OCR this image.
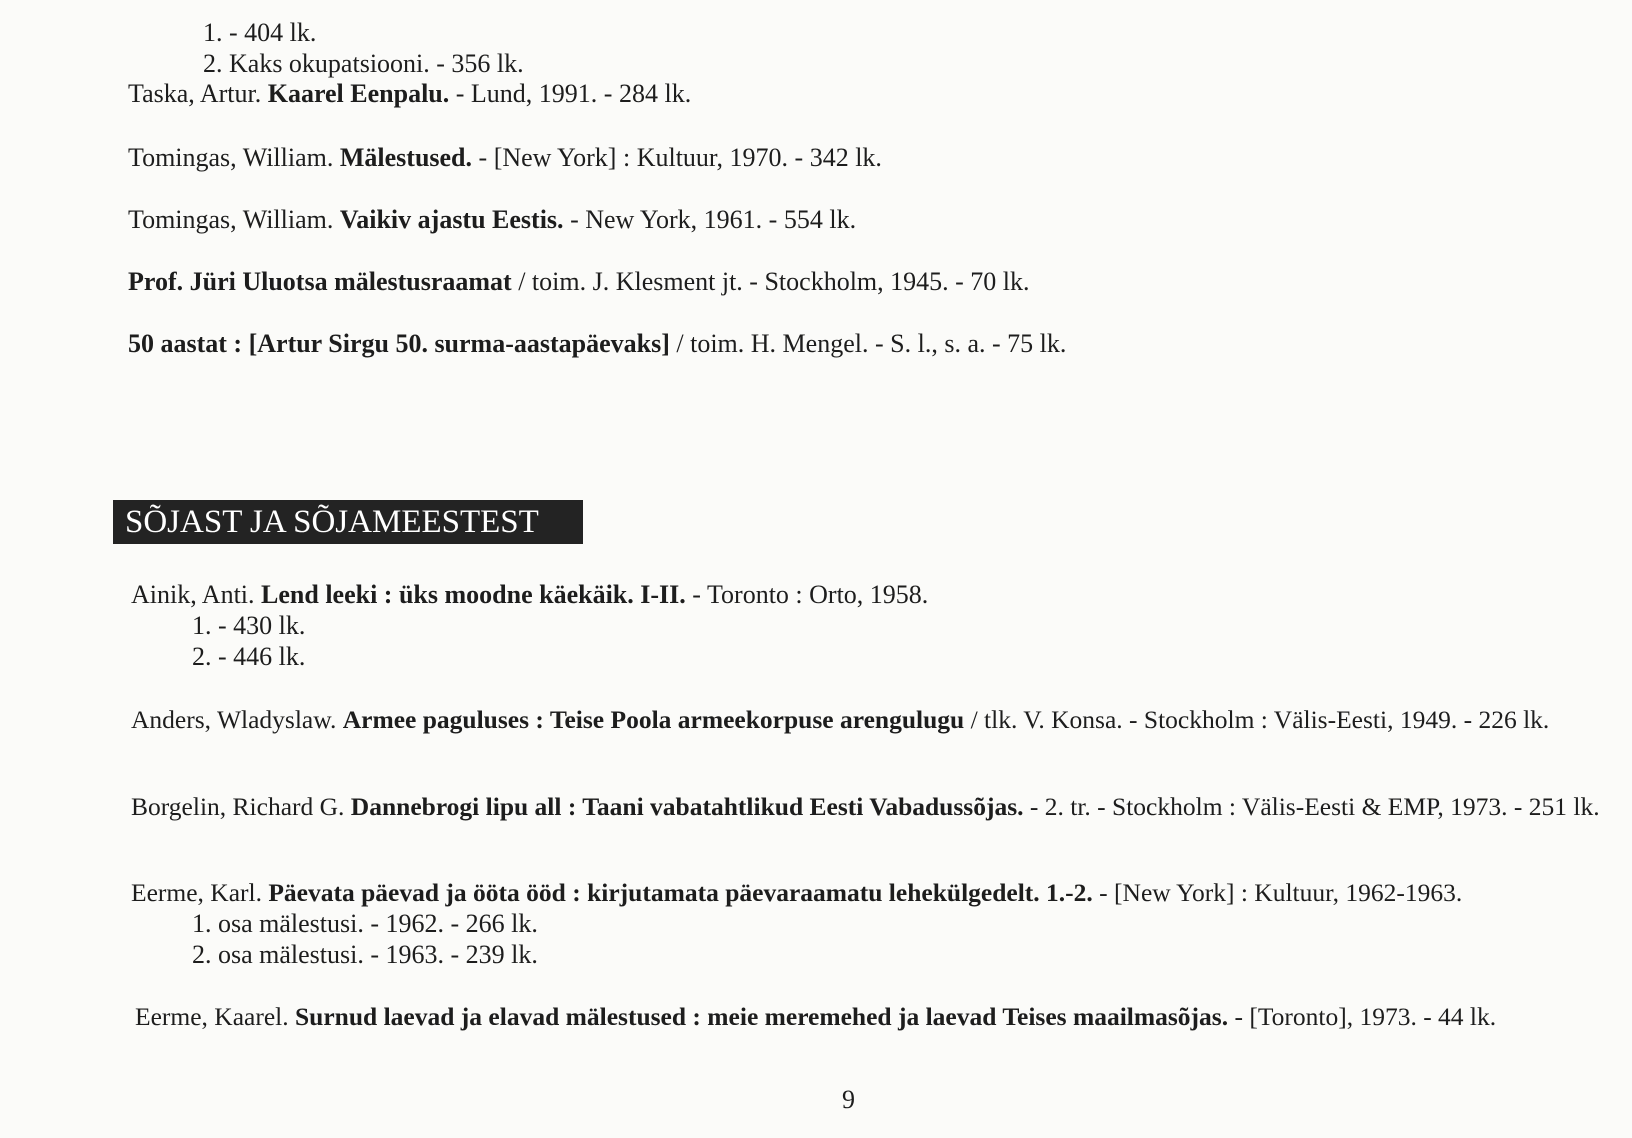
1. - 404 lk.
2. Kaks okupatsiooni. - 356 lk.
Taska, Artur. Kaarel Eenpalu. - Lund, 1991. - 284 lk.
Tomingas, William. Mälestused. - [New York] : Kultuur, 1970. - 342 lk.
Tomingas, William. Vaikiv ajastu Eestis. - New York, 1961. - 554 lk.
Prof. Jüri Uluotsa mälestusraamat / toim. J. Klesment jt. - Stockholm, 1945. - 70 lk.
50 aastat : [Artur Sirgu 50. surma-aastapäevaks] / toim. H. Mengel. - S. l., s. a. - 75 lk.
SÕJAST JA SÕJAMEESTEST
Ainik, Anti. Lend leeki : üks moodne käekäik. I-II. - Toronto : Orto, 1958.
1. - 430 lk.
2. - 446 lk.
Anders, Wladyslaw. Armee paguluses : Teise Poola armeekorpuse arengulugu / tlk. V. Konsa. - Stockholm : Välis-Eesti, 1949. - 226 lk.
Borgelin, Richard G. Dannebrogi lipu all : Taani vabatahtlikud Eesti Vabadussõjas. - 2. tr. - Stockholm : Välis-Eesti & EMP, 1973. - 251 lk.
Eerme, Karl. Päevata päevad ja ööta ööd : kirjutamata päevaraamatu lehekülgedelt. 1.-2. - [New York] : Kultuur, 1962-1963.
1. osa mälestusi. - 1962. - 266 lk.
2. osa mälestusi. - 1963. - 239 lk.
Eerme, Kaarel. Surnud laevad ja elavad mälestused : meie meremehed ja laevad Teises maailmasõjas. - [Toronto], 1973. - 44 lk.
9
